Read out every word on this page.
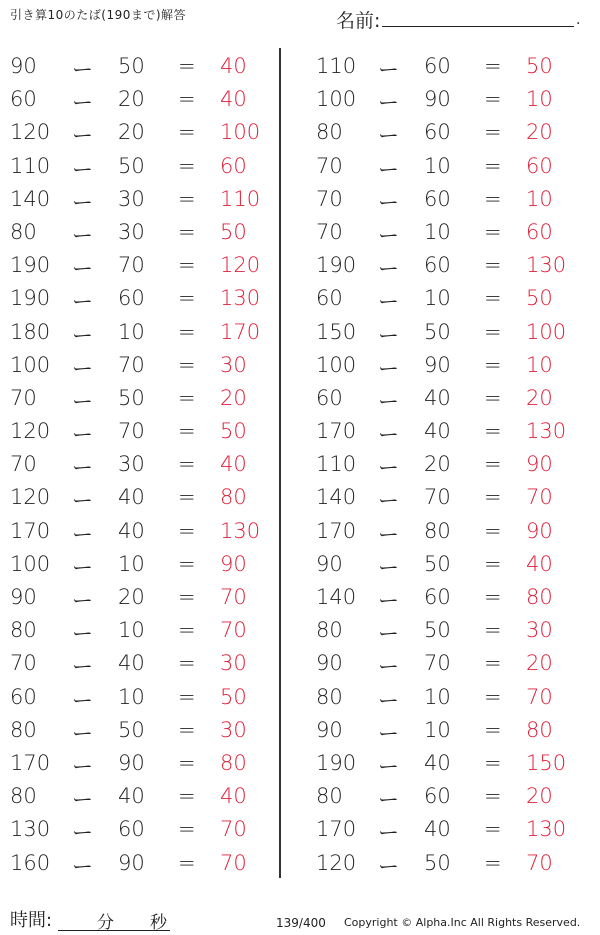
引き算10のたば(190まで)解答	名前:	.
90	ー 50	= 40
60	ー 20	= 40
120 ー 20	= 100
110 ー 50	= 60
140 ー 30	= 110
80	ー 30	= 50
190 ー 70	= 120
190 ー 60	= 130
180 ー 10	= 170
100 ー 70	= 30
70	ー 50	= 20
120 ー 70	= 50
70	ー 30	= 40
120 ー 40	= 80
170 ー 40	= 130
100 ー 10	= 90
90	ー 20	= 70
80	ー 10	= 70
70	ー 40	= 30
60	ー 10	= 50
80	ー 50	= 30
170 ー 90	= 80
80	ー 40	= 40
130 ー 60	= 70
160 ー 90	= 70
110 ー 60	= 50
100 ー 90	= 10
80	ー 60	= 20
70	ー 10	= 60
70	ー 60	= 10
70	ー 10	= 60
190 ー 60	= 130
60	ー 10	= 50
150 ー 50	= 100
100 ー 90	= 10
60	ー 40	= 20
170 ー 40	= 130
110 ー 20	= 90
140 ー 70	= 70
170 ー 80	= 90
90	ー 50	= 40
140 ー 60	= 80
80	ー 50	= 30
90	ー 70	= 20
80	ー 10	= 70
90	ー 10	= 80
190 ー 40	= 150
80	ー 60	= 20
170 ー 40	= 130
120 ー 50	= 70
時間:	分 秒	139/400 Copyright © Alpha.Inc All Rights Reserved.
